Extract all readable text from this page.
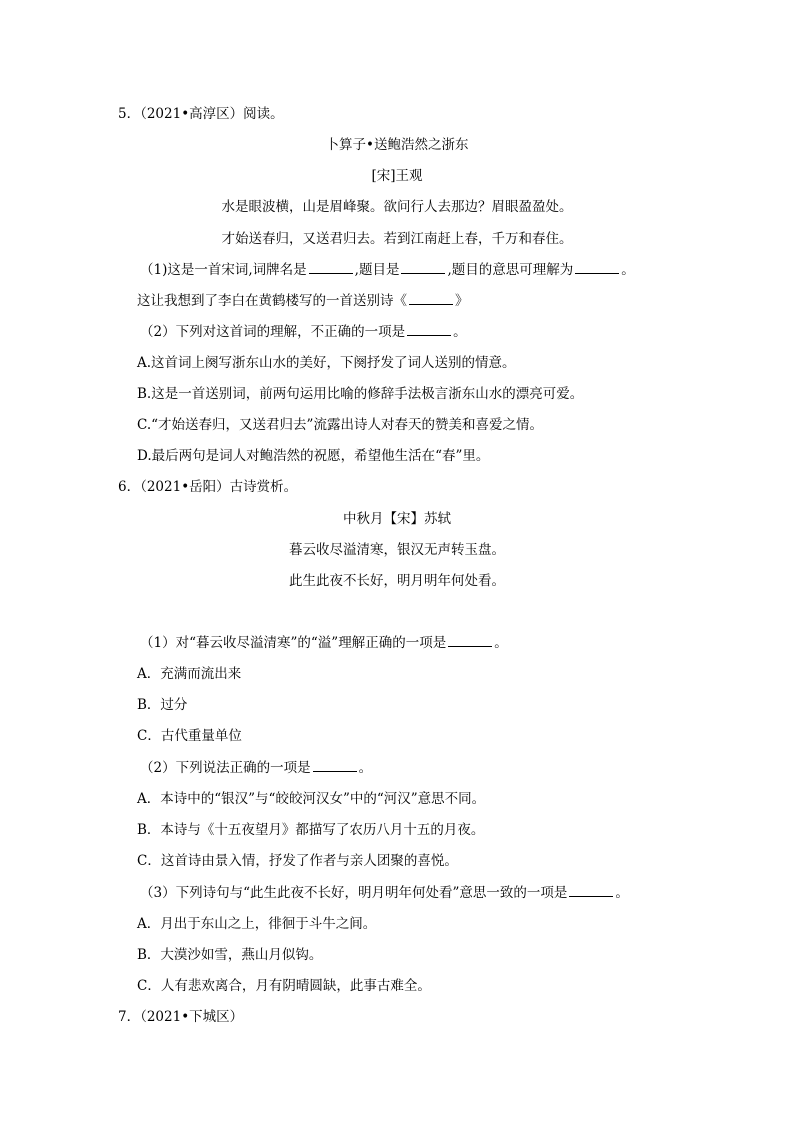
5．（2021•高淳区）阅读。
卜算子•送鲍浩然之浙东
[宋]王观
水是眼波横，山是眉峰聚。欲问行人去那边？眉眼盈盈处。
才始送春归，又送君归去。若到江南赶上春，千万和春住。
（1)这是一首宋词,词牌名是	,题目是	,题目的意思可理解为	。
这让我想到了李白在黄鹤楼写的一首送别诗《	》
（2）下列对这首词的理解，不正确的一项是	。
A.这首词上阕写浙东山水的美好，下阕抒发了词人送别的情意。
B.这是一首送别词，前两句运用比喻的修辞手法极言浙东山水的漂亮可爱。
C.“才始送春归，又送君归去”流露出诗人对春天的赞美和喜爱之情。
D.最后两句是词人对鲍浩然的祝愿，希望他生活在“春”里。
6．（2021•岳阳）古诗赏析。
中秋月【宋】苏轼
暮云收尽溢清寒，银汉无声转玉盘。
此生此夜不长好，明月明年何处看。
（1）对“暮云收尽溢清寒”的“溢”理解正确的一项是	。
A．充满而流出来
B．过分
C．古代重量单位
（2）下列说法正确的一项是	。
A．本诗中的“银汉”与“皎皎河汉女”中的“河汉”意思不同。
B．本诗与《十五夜望月》都描写了农历八月十五的月夜。
C．这首诗由景入情，抒发了作者与亲人团聚的喜悦。
（3）下列诗句与“此生此夜不长好，明月明年何处看”意思一致的一项是	。
A．月出于东山之上，徘徊于斗牛之间。
B．大漠沙如雪，燕山月似钩。
C．人有悲欢离合，月有阴晴圆缺，此事古难全。
7．（2021•下城区）
